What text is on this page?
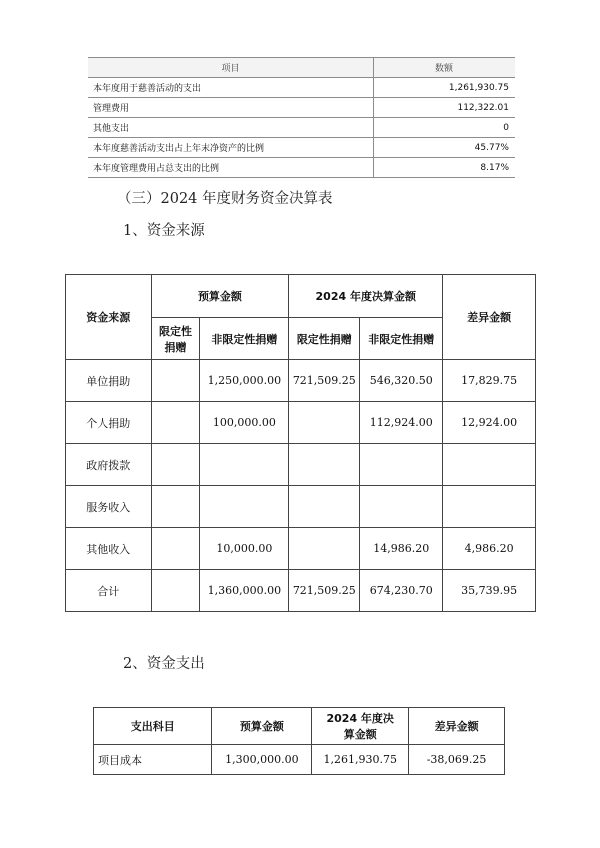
项目	数额
本年度用于慈善活动的支出	1,261,930.75
管理费用	112,322.01
其他支出	0
本年度慈善活动支出占上年末净资产的比例	45.77%
本年度管理费用占总支出的比例	8.17%
（三）2024 年度财务资金决算表
1、资金来源
资金来源	预算金额		2024 年度决算金额		差异金额
	限定性捐赠	非限定性捐赠	限定性捐赠	非限定性捐赠	
单位捐助		1,250,000.00	721,509.25	546,320.50	17,829.75
个人捐助		100,000.00		112,924.00	12,924.00
政府拨款					
服务收入					
其他收入		10,000.00		14,986.20	4,986.20
合计		1,360,000.00	721,509.25	674,230.70	35,739.95
2、资金支出
支出科目	预算金额	2024 年度决算金额	差异金额
项目成本	1,300,000.00	1,261,930.75	-38,069.25
